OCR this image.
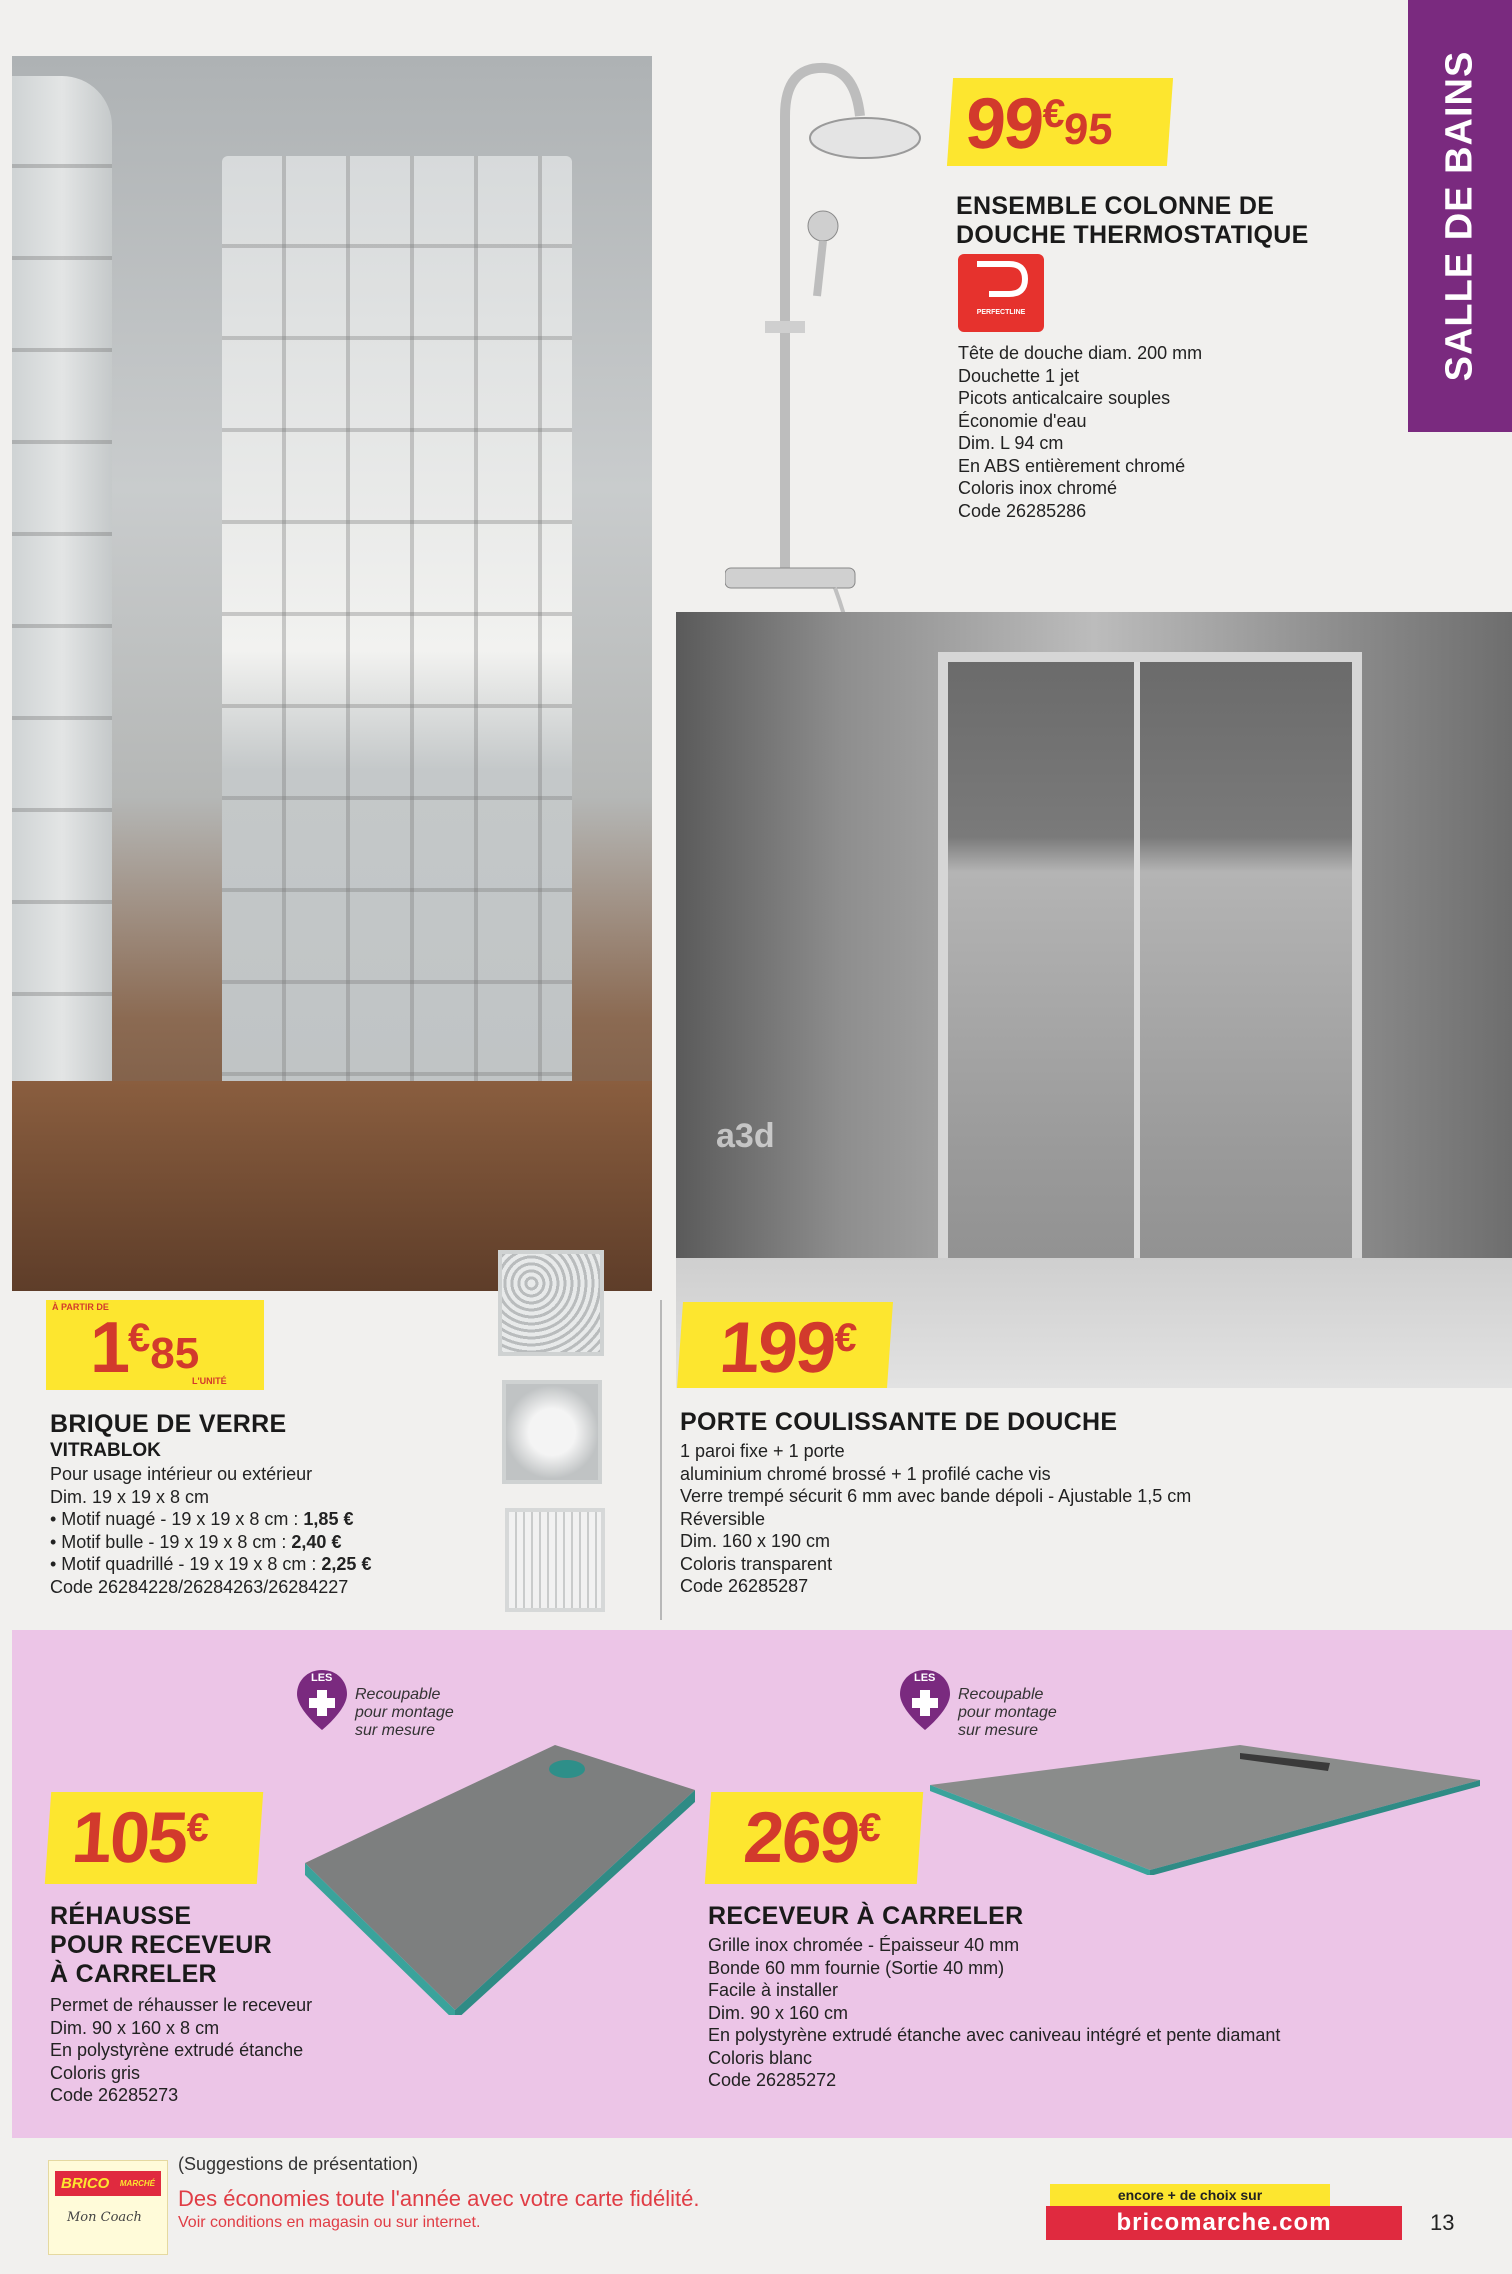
a3d
SALLE DE BAINS
99
€
95
ENSEMBLE COLONNE DE
DOUCHE THERMOSTATIQUE
PERFECTLINE
Tête de douche diam. 200 mm
Douchette 1 jet
Picots anticalcaire souples
Économie d'eau
Dim. L 94 cm
En ABS entièrement chromé
Coloris inox chromé
Code 26285286
À PARTIR DE
1 € 85
L'UNITÉ
BRIQUE DE VERRE
VITRABLOK
Pour usage intérieur ou extérieur
Dim. 19 x 19 x 8 cm
• Motif nuagé - 19 x 19 x 8 cm : 1,85 €
• Motif bulle - 19 x 19 x 8 cm : 2,40 €
• Motif quadrillé - 19 x 19 x 8 cm : 2,25 €
Code 26284228/26284263/26284227
199
€
PORTE COULISSANTE DE DOUCHE
1 paroi fixe + 1 porte
aluminium chromé brossé + 1 profilé cache vis
Verre trempé sécurit 6 mm avec bande dépoli - Ajustable 1,5 cm
Réversible
Dim. 160 x 190 cm
Coloris transparent
Code 26285287
LES
Recoupable
pour montage
sur mesure
LES
Recoupable
pour montage
sur mesure
105
€
RÉHAUSSE
POUR RECEVEUR
À CARRELER
Permet de réhausser le receveur
Dim. 90 x 160 x 8 cm
En polystyrène extrudé étanche
Coloris gris
Code 26285273
269
€
RECEVEUR À CARRELER
Grille inox chromée - Épaisseur 40 mm
Bonde 60 mm fournie (Sortie 40 mm)
Facile à installer
Dim. 90 x 160 cm
En polystyrène extrudé étanche avec caniveau intégré et pente diamant
Coloris blanc
Code 26285272
BRICO MARCHÉ
Mon Coach
(Suggestions de présentation)
Des économies toute l'année avec votre carte fidélité.
Voir conditions en magasin ou sur internet.
encore + de choix sur
bricomarche.com	13
